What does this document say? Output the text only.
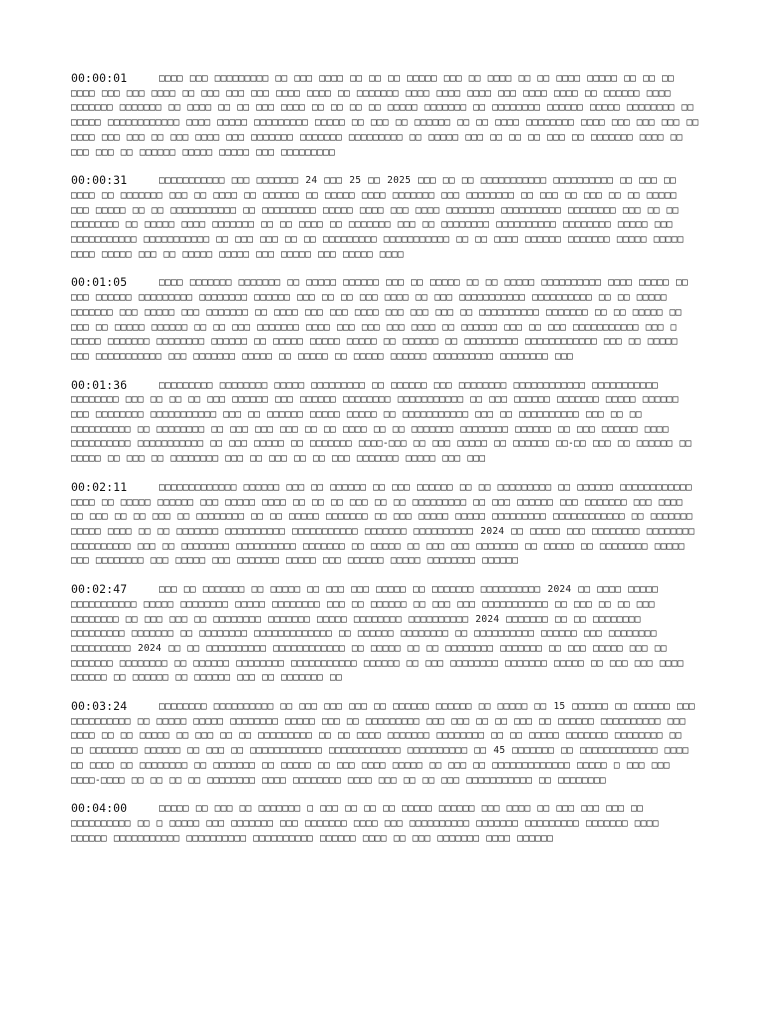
00:00:01	□□□□ □□□ □□□□□□□□□ □□ □□□ □□□□ □□ □□ □□ □□□□□ □□□ □□ □□□□ □□ □□ □□□□ □□□□□ □□ □□ □□ □□□□ □□□ □□□ □□□□ □□ □□□ □□□ □□□ □□□□ □□□□ □□ □□□□□□□ □□□□ □□□□ □□□□ □□□ □□□□ □□□□ □□ □□□□□□ □□□□ □□□□□□□ □□□□□□□ □□ □□□□ □□ □□ □□□ □□□□ □□ □□ □□ □□ □□□□□ □□□□□□□ □□ □□□□□□□□ □□□□□□ □□□□□ □□□□□□□□ □□ □□□□□ □□□□□□□□□□□□ □□□□ □□□□□ □□□□□□□□□ □□□□□ □□ □□□ □□ □□□□□□ □□ □□ □□□□ □□□□□□□□ □□□□ □□□ □□□ □□□ □□ □□□□ □□□ □□□ □□ □□□ □□□□ □□□ □□□□□□□ □□□□□□□ □□□□□□□□□ □□ □□□□□ □□□ □□ □□ □□ □□□ □□ □□□□□□□ □□□□ □□ □□□ □□□ □□ □□□□□□ □□□□□ □□□□□ □□□ □□□□□□□□□

00:00:31	□□□□□□□□□□□ □□□ □□□□□□□ 24 □□□ 25 □□ 2025 □□□ □□ □□ □□□□□□□□□□□ □□□□□□□□□□ □□ □□□ □□ □□□□ □□ □□□□□□□ □□□ □□ □□□□ □□ □□□□□□ □□ □□□□□ □□□□ □□□□□□□ □□□ □□□□□□□□ □□ □□□ □□ □□□ □□ □□ □□□□□ □□□ □□□□□ □□ □□ □□□□□□□□□□□ □□ □□□□□□□□□ □□□□□ □□□□ □□□ □□□□ □□□□□□□□ □□□□□□□□□□ □□□□□□□□ □□□ □□ □□ □□□□□□□□ □□ □□□□□ □□□□ □□□□□□□ □□ □□ □□□□ □□ □□□□□□□ □□□ □□ □□□□□□□□ □□□□□□□□□□ □□□□□□□□ □□□□□ □□□ □□□□□□□□□□□ □□□□□□□□□□□ □□ □□□ □□□ □□ □□ □□□□□□□□□ □□□□□□□□□□□ □□ □□ □□□□ □□□□□□ □□□□□□□ □□□□□ □□□□□ □□□□ □□□□□ □□□ □□ □□□□□ □□□□□ □□□ □□□□□ □□□ □□□□□ □□□□

00:01:05	□□□□ □□□□□□□ □□□□□□□ □□ □□□□□ □□□□□□ □□□ □□ □□□□□ □□ □□ □□□□□ □□□□□□□□□□ □□□□ □□□□□ □□ □□□ □□□□□□ □□□□□□□□□ □□□□□□□□ □□□□□□ □□□ □□ □□ □□□ □□□□ □□ □□□ □□□□□□□□□□□ □□□□□□□□□□ □□ □□ □□□□□ □□□□□□□ □□□ □□□□□ □□□ □□□□□□□ □□ □□□□ □□□ □□□ □□□□ □□□ □□□ □□□ □□ □□□□□□□□□□ □□□□□□□ □□ □□ □□□□□ □□ □□□ □□ □□□□□ □□□□□□ □□ □□ □□□ □□□□□□□ □□□□ □□□ □□□ □□□ □□□□ □□ □□□□□□ □□□ □□ □□□ □□□□□□□□□□□ □□□ □ □□□□□ □□□□□□□ □□□□□□□□ □□□□□□ □□ □□□□□ □□□□□ □□□□□ □□ □□□□□□ □□ □□□□□□□□□ □□□□□□□□□□□□ □□□ □□ □□□□□ □□□ □□□□□□□□□□□ □□□ □□□□□□□ □□□□□ □□ □□□□□ □□ □□□□□ □□□□□□ □□□□□□□□□□ □□□□□□□□ □□□

00:01:36	□□□□□□□□□ □□□□□□□□ □□□□□ □□□□□□□□□ □□ □□□□□□ □□□ □□□□□□□□ □□□□□□□□□□□□ □□□□□□□□□□□ □□□□□□□□ □□□ □□ □□ □□ □□□ □□□□□□ □□□ □□□□□□ □□□□□□□□ □□□□□□□□□□□ □□ □□□ □□□□□□ □□□□□□□ □□□□□ □□□□□□ □□□ □□□□□□□□ □□□□□□□□□□□ □□□ □□ □□□□□□ □□□□□ □□□□□ □□ □□□□□□□□□□□ □□□ □□ □□□□□□□□□□ □□□ □□ □□ □□□□□□□□□□ □□ □□□□□□□□ □□ □□□ □□□ □□□ □□ □□ □□□□ □□ □□ □□□□□□□ □□□□□□□□ □□□□□□ □□ □□□ □□□□□□ □□□□ □□□□□□□□□□ □□□□□□□□□□□ □□ □□□ □□□□□ □□ □□□□□□□ □□□□-□□□ □□ □□□ □□□□□ □□ □□□□□□ □□-□□ □□□ □□ □□□□□□ □□ □□□□□ □□ □□□ □□ □□□□□□□□ □□□ □□ □□□ □□ □□ □□□ □□□□□□□ □□□□□ □□□ □□□

00:02:11	□□□□□□□□□□□□□ □□□□□□ □□□ □□ □□□□□□ □□ □□□ □□□□□□ □□ □□ □□□□□□□□□ □□ □□□□□□ □□□□□□□□□□□□ □□□□ □□ □□□□□ □□□□□□ □□□ □□□□□ □□□□ □□ □□ □□ □□□ □□ □□ □□□□□□□□□ □□ □□□ □□□□□□ □□□ □□□□□□□ □□□ □□□□ □□ □□□ □□ □□ □□□ □□ □□□□□□□□ □□ □□ □□□□□ □□□□□□□ □□ □□□ □□□□□ □□□□□ □□□□□□□□□ □□□□□□□□□□□□ □□ □□□□□□□ □□□□□ □□□□ □□ □□ □□□□□□□ □□□□□□□□□□ □□□□□□□□□□□ □□□□□□□ □□□□□□□□□□ 2024 □□ □□□□□ □□□ □□□□□□□□ □□□□□□□□ □□□□□□□□□□ □□□ □□ □□□□□□□□ □□□□□□□□□□ □□□□□□□ □□ □□□□□ □□ □□□ □□□ □□□□□□□ □□ □□□□□ □□ □□□□□□□□ □□□□□ □□□ □□□□□□□□ □□□ □□□□□ □□□ □□□□□□□ □□□□□ □□□ □□□□□□ □□□□□ □□□□□□□□ □□□□□□

00:02:47	□□□ □□ □□□□□□□ □□ □□□□□ □□ □□□ □□□ □□□□□ □□ □□□□□□□ □□□□□□□□□□ 2024 □□ □□□□ □□□□□ □□□□□□□□□□□ □□□□□ □□□□□□□□ □□□□□ □□□□□□□□ □□□ □□ □□□□□□ □□ □□□ □□□ □□□□□□□□□□□ □□ □□□ □□ □□ □□□ □□□□□□□□ □□ □□□ □□□ □□ □□□□□□□□ □□□□□□□ □□□□□ □□□□□□□□ □□□□□□□□□□ 2024 □□□□□□□ □□ □□ □□□□□□□□ □□□□□□□□□ □□□□□□□ □□ □□□□□□□□ □□□□□□□□□□□□□ □□ □□□□□□ □□□□□□□□ □□ □□□□□□□□□□ □□□□□□ □□□ □□□□□□□□ □□□□□□□□□□ 2024 □□ □□ □□□□□□□□□□ □□□□□□□□□□□□ □□ □□□□□ □□ □□ □□□□□□□□ □□□□□□□ □□ □□□ □□□□□ □□□ □□ □□□□□□□ □□□□□□□□ □□ □□□□□□ □□□□□□□□ □□□□□□□□□□□ □□□□□□ □□ □□□ □□□□□□□□ □□□□□□□ □□□□□ □□ □□□ □□□ □□□□ □□□□□□ □□ □□□□□□ □□ □□□□□□ □□□ □□ □□□□□□□ □□

00:03:24	□□□□□□□□ □□□□□□□□□□ □□ □□□ □□□ □□□ □□ □□□□□□ □□□□□□ □□ □□□□□ □□ 15 □□□□□□ □□ □□□□□□ □□□ □□□□□□□□□□ □□ □□□□□ □□□□□ □□□□□□□□ □□□□□ □□□ □□ □□□□□□□□□ □□□ □□□ □□ □□ □□□ □□ □□□□□□ □□□□□□□□□□ □□□ □□□□ □□ □□ □□□□□ □□ □□□ □□ □□ □□□□□□□□□ □□ □□ □□□□ □□□□□□□ □□□□□□□□ □□ □□ □□□□□ □□□□□□□ □□□□□□□□ □□ □□ □□□□□□□□ □□□□□□ □□ □□□ □□ □□□□□□□□□□□□ □□□□□□□□□□□□ □□□□□□□□□□ □□ 45 □□□□□□□ □□ □□□□□□□□□□□□□ □□□□ □□ □□□□ □□ □□□□□□□□ □□ □□□□□□□ □□ □□□□□ □□ □□□ □□□□ □□□□□ □□ □□□ □□ □□□□□□□□□□□□□ □□□□□ □ □□□ □□□ □□□□-□□□□ □□ □□ □□ □□ □□□□□□□□ □□□□ □□□□□□□□ □□□□ □□□ □□ □□ □□□ □□□□□□□□□□□ □□ □□□□□□□□

00:04:00	□□□□□ □□ □□□ □□ □□□□□□□ □ □□□ □□ □□ □□ □□□□□ □□□□□□ □□□ □□□□ □□ □□□ □□□ □□□ □□ □□□□□□□□□□ □□ □ □□□□□ □□□ □□□□□□□ □□□ □□□□□□□ □□□□ □□□ □□□□□□□□□□ □□□□□□□ □□□□□□□□□ □□□□□□□ □□□□ □□□□□□ □□□□□□□□□□□ □□□□□□□□□□ □□□□□□□□□□ □□□□□□ □□□□ □□ □□□ □□□□□□□ □□□□ □□□□□□
